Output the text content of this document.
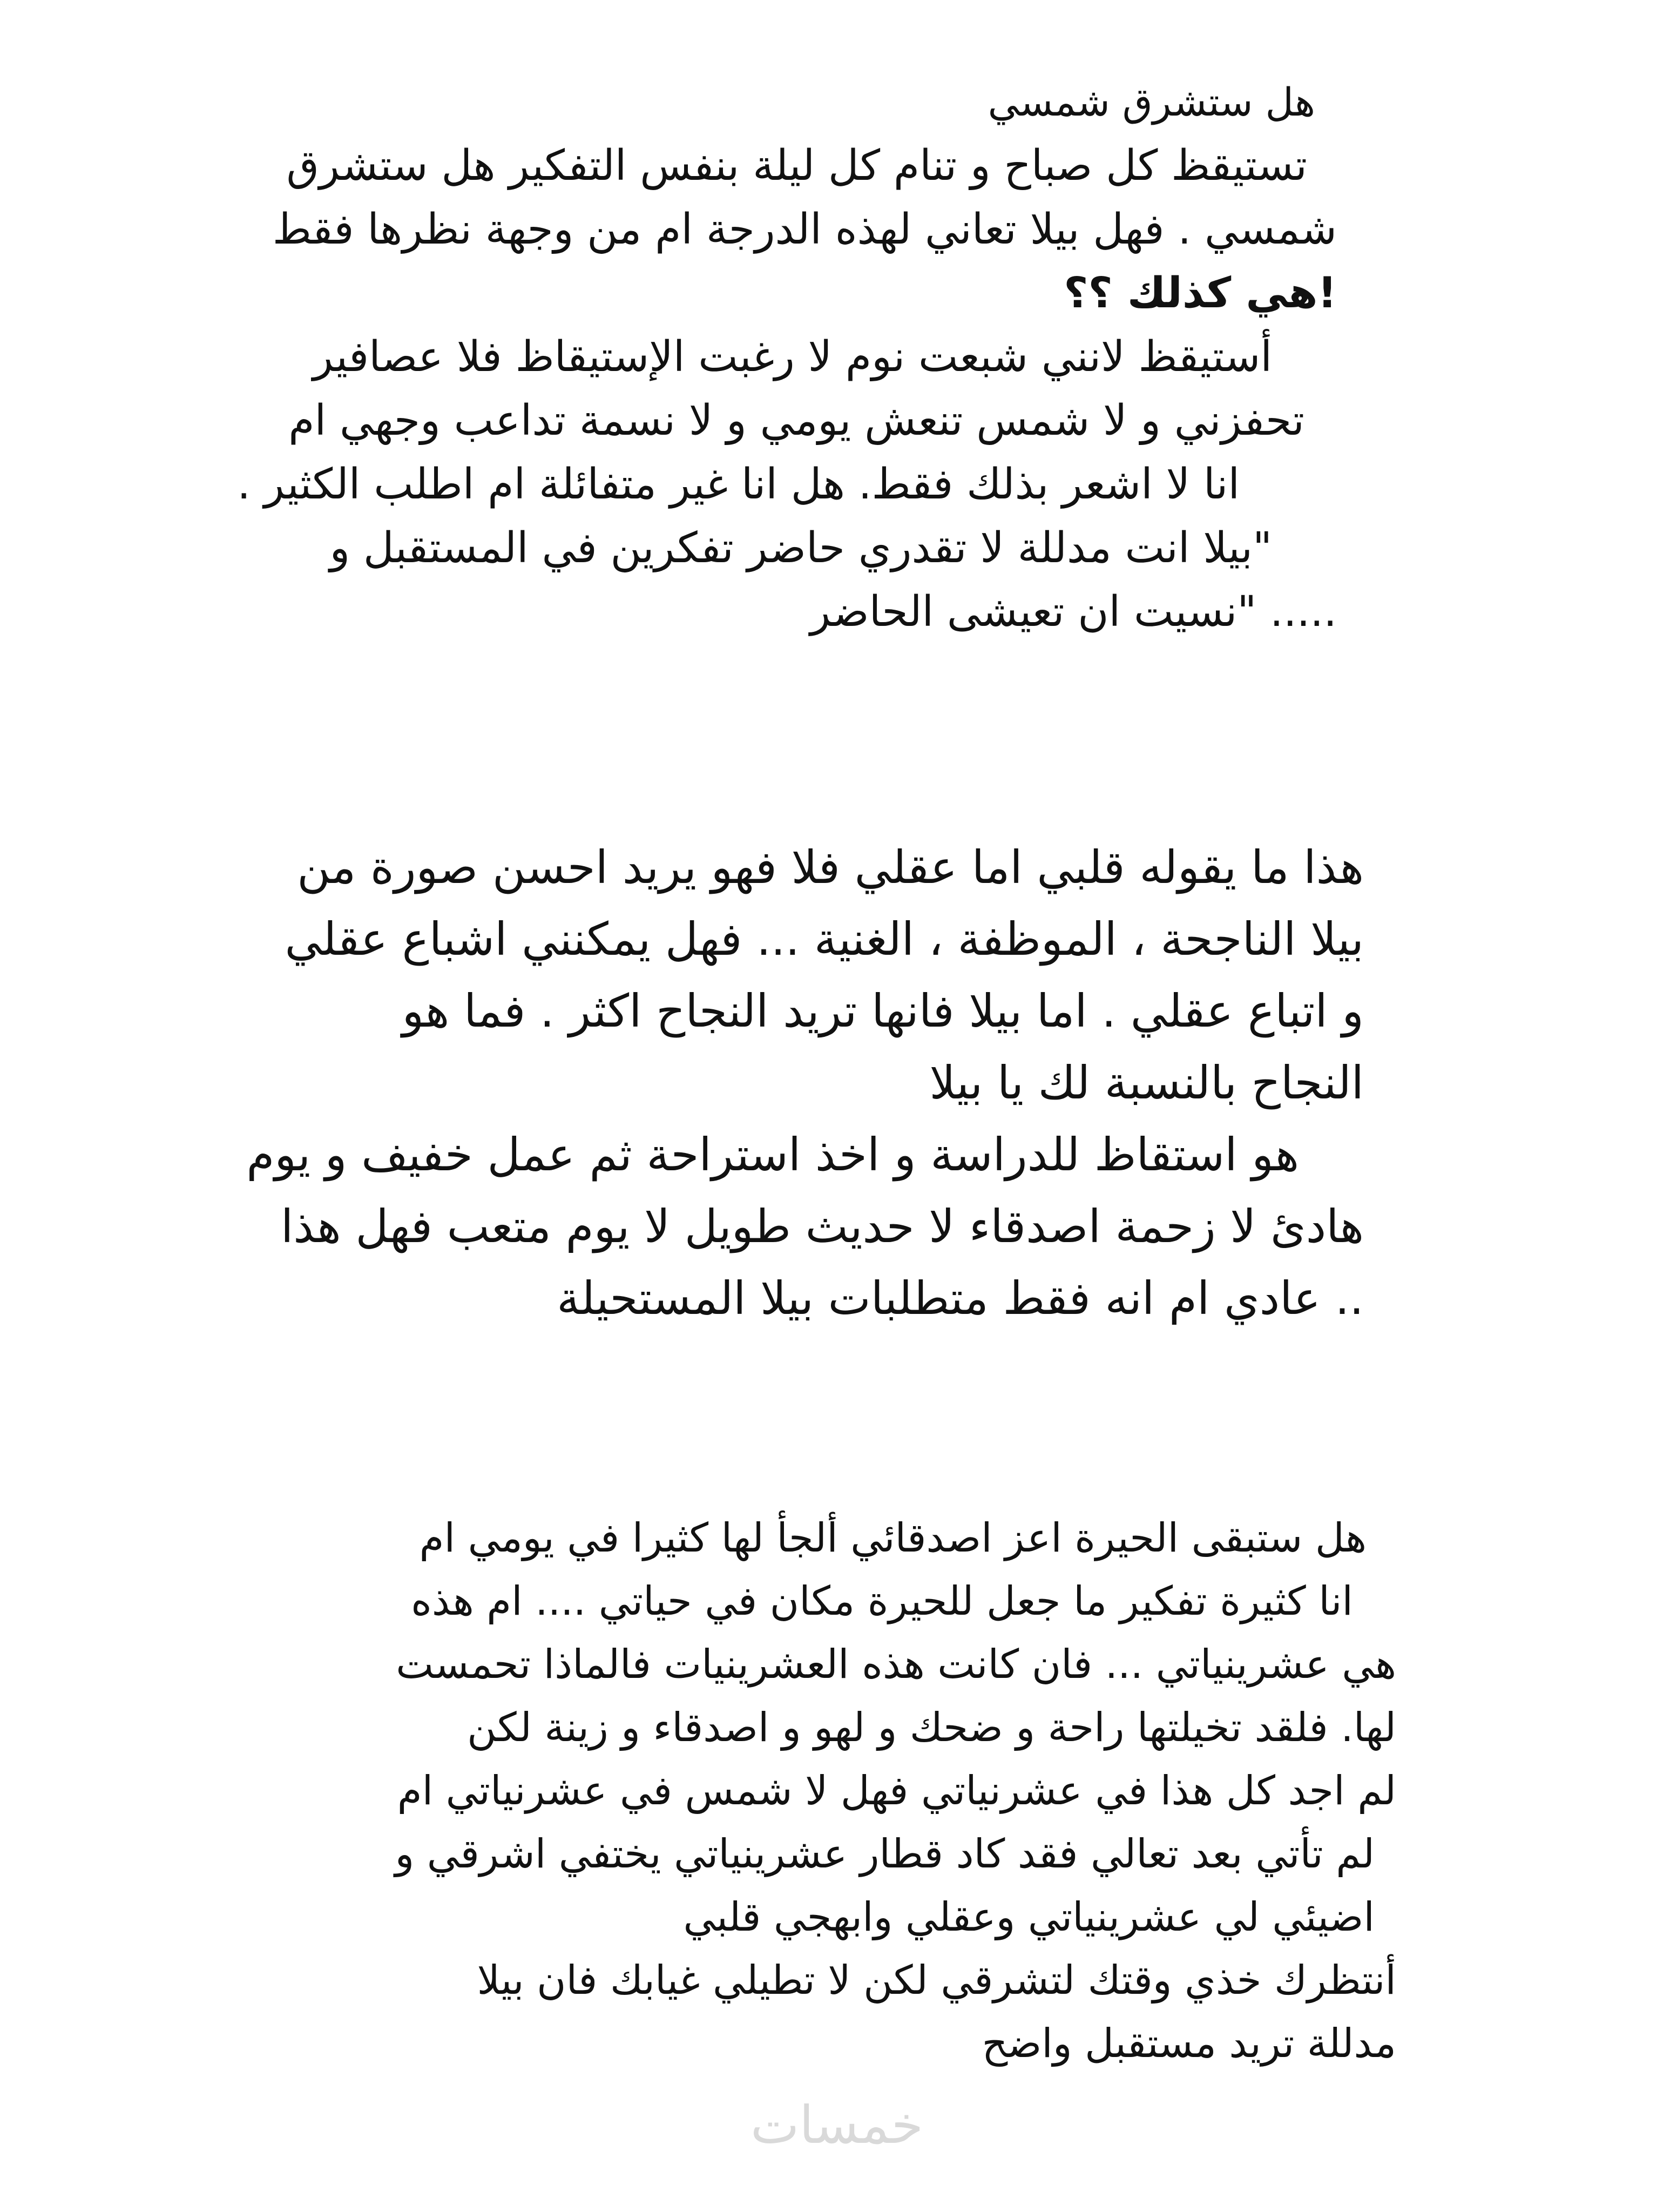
هل ستشرق شمسي
تستيقظ كل صباح و تنام كل ليلة بنفس التفكير هل ستشرق
شمسي . فهل بيلا تعاني لهذه الدرجة ام من وجهة نظرها فقط
!هي كذلك ؟؟
أستيقظ لانني شبعت نوم لا رغبت الإستيقاظ فلا عصافير
تحفزني و لا شمس تنعش يومي و لا نسمة تداعب وجهي ام
انا لا اشعر بذلك فقط. هل انا غير متفائلة ام اطلب الكثير .
"بيلا انت مدللة لا تقدري حاضر تفكرين في المستقبل و
..... "نسيت ان تعيشى الحاضر
هذا ما يقوله قلبي اما عقلي فلا فهو يريد احسن صورة من
بيلا الناجحة ، الموظفة ، الغنية ... فهل يمكنني اشباع عقلي
و اتباع عقلي . اما بيلا فانها تريد النجاح اكثر . فما هو
النجاح بالنسبة لك يا بيلا
هو استقاظ للدراسة و اخذ استراحة ثم عمل خفيف و يوم
هادئ لا زحمة اصدقاء لا حديث طويل لا يوم متعب فهل هذا
.. عادي ام انه فقط متطلبات بيلا المستحيلة
هل ستبقى الحيرة اعز اصدقائي ألجأ لها كثيرا في يومي ام
انا كثيرة تفكير ما جعل للحيرة مكان في حياتي .... ام هذه
هي عشرينياتي ... فان كانت هذه العشرينيات فالماذا تحمست
لها. فلقد تخيلتها راحة و ضحك و لهو و اصدقاء و زينة لكن
لم اجد كل هذا في عشرنياتي فهل لا شمس في عشرنياتي ام
لم تأتي بعد تعالي فقد كاد قطار عشرينياتي يختفي اشرقي و
اضيئي لي عشرينياتي وعقلي وابهجي قلبي
أنتظرك خذي وقتك لتشرقي لكن لا تطيلي غيابك فان بيلا
مدللة تريد مستقبل واضح
خمسات
